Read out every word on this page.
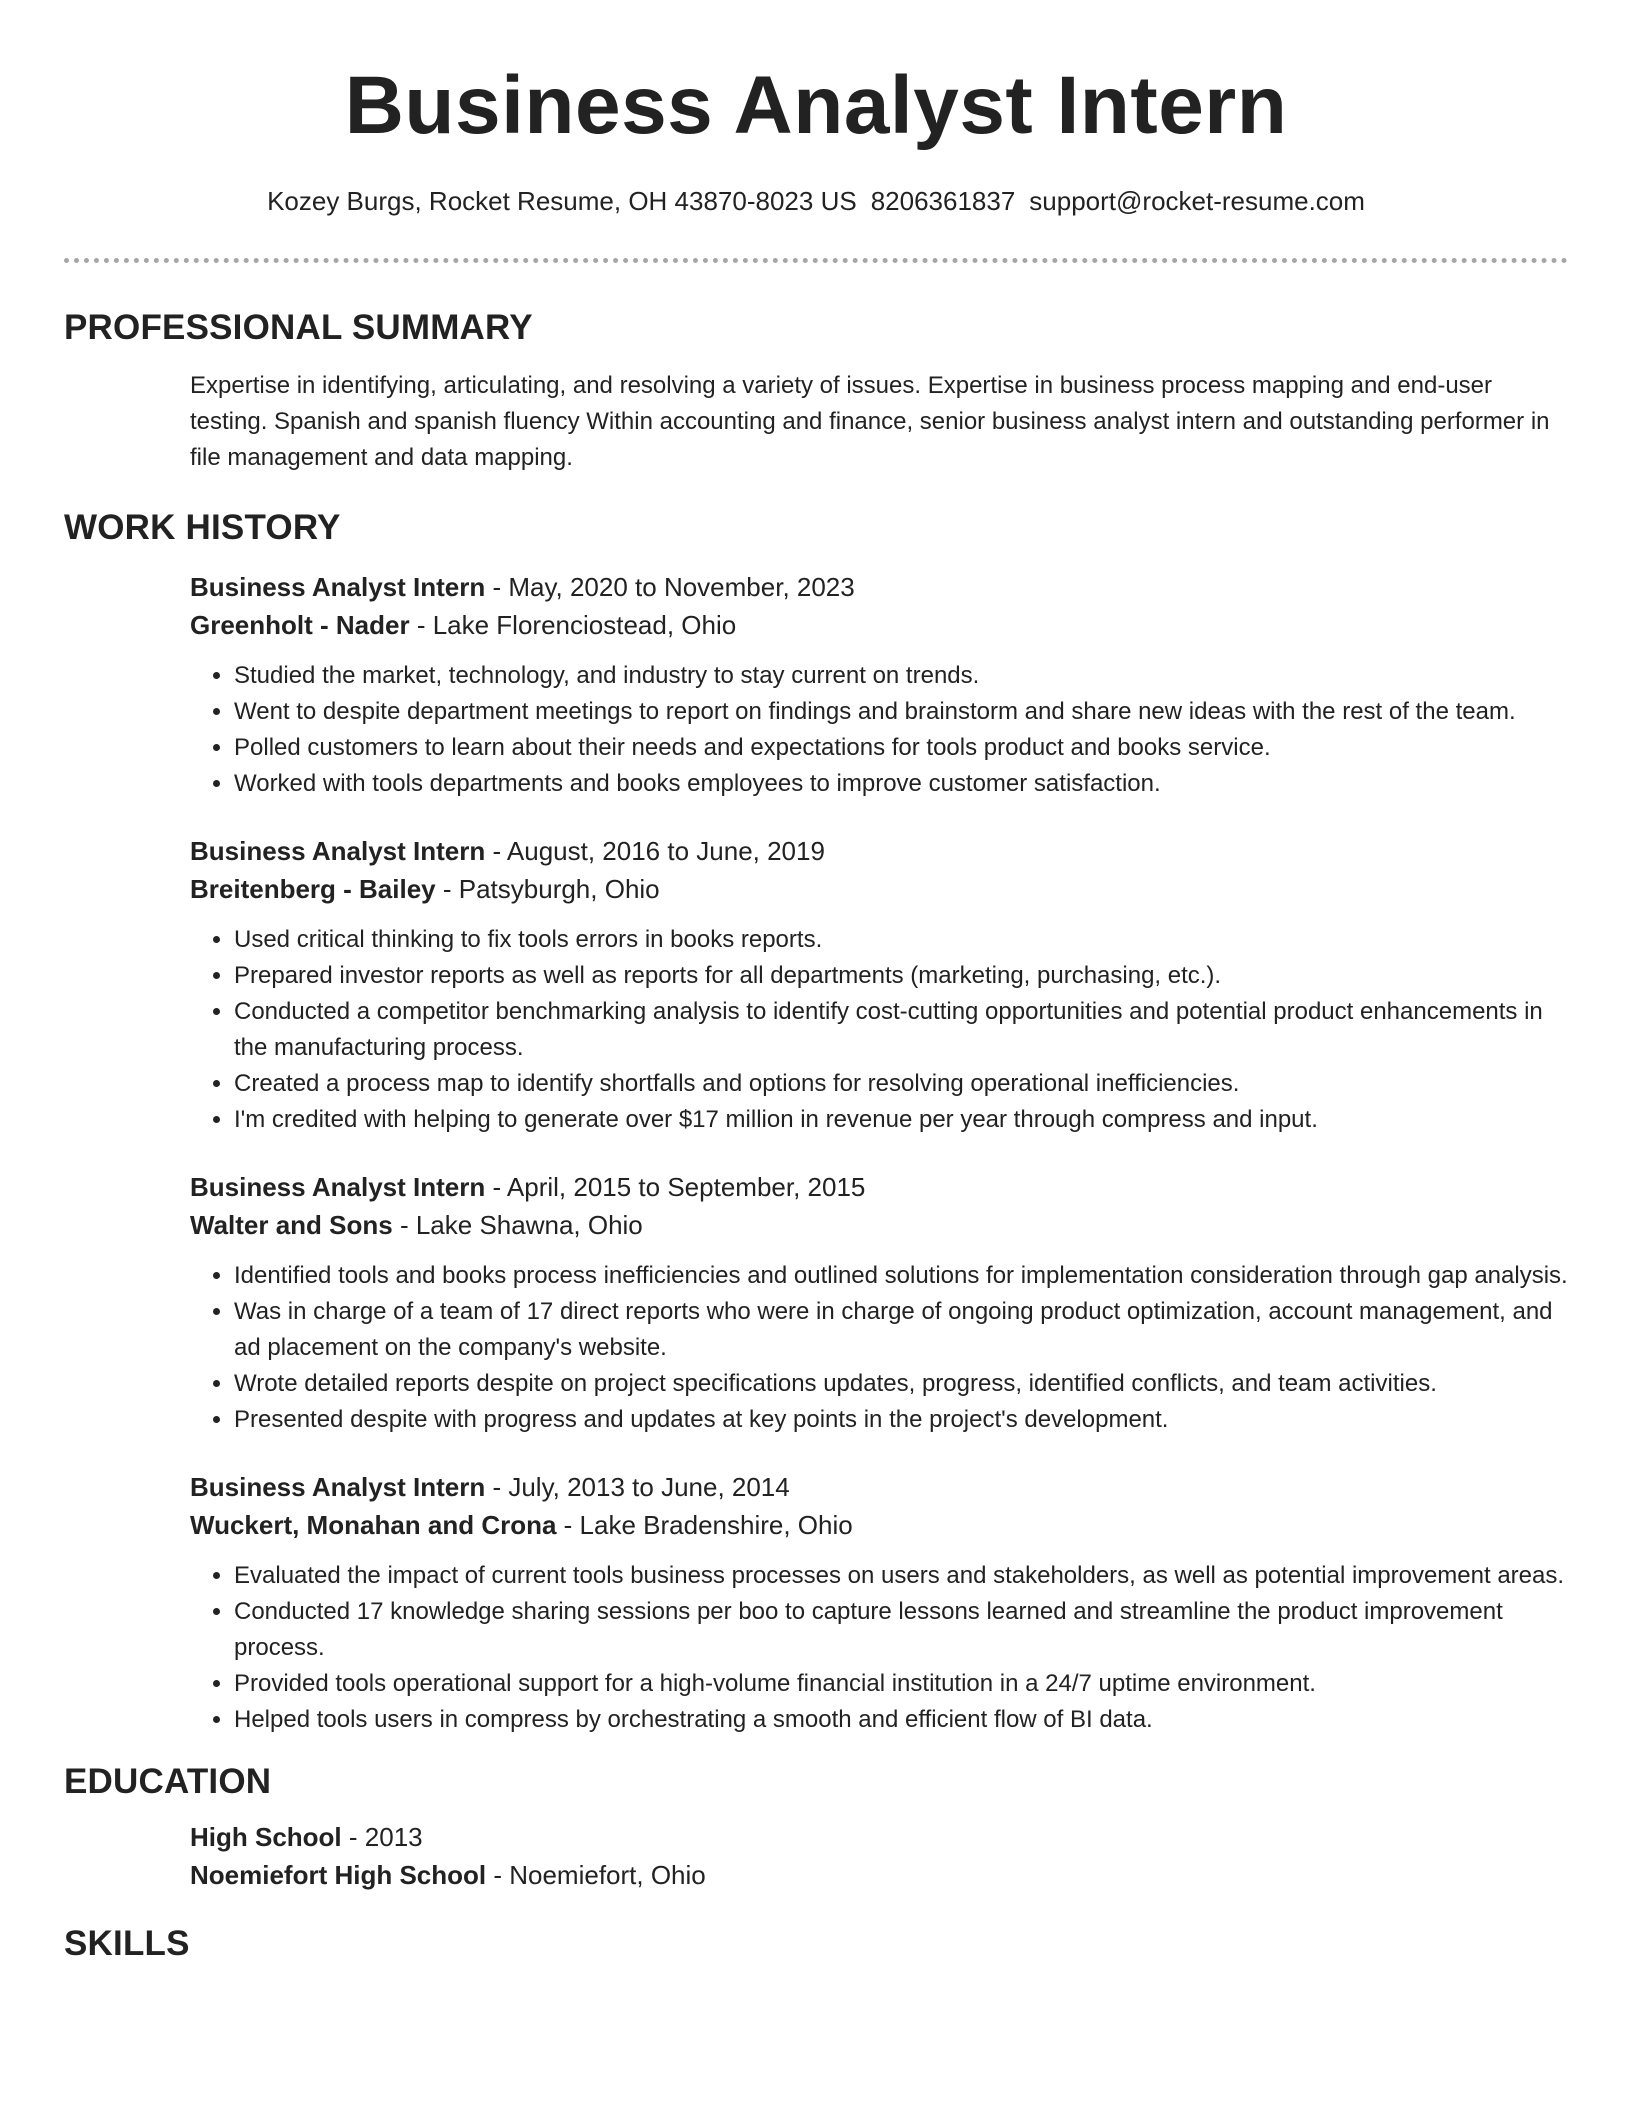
Business Analyst Intern
Kozey Burgs, Rocket Resume, OH 43870-8023 US 8206361837 support@rocket-resume.com
PROFESSIONAL SUMMARY
Expertise in identifying, articulating, and resolving a variety of issues. Expertise in business process mapping and end-user testing. Spanish and spanish fluency Within accounting and finance, senior business analyst intern and outstanding performer in file management and data mapping.
WORK HISTORY
Business Analyst Intern - May, 2020 to November, 2023
Greenholt - Nader - Lake Florenciostead, Ohio
• Studied the market, technology, and industry to stay current on trends.
• Went to despite department meetings to report on findings and brainstorm and share new ideas with the rest of the team.
• Polled customers to learn about their needs and expectations for tools product and books service.
• Worked with tools departments and books employees to improve customer satisfaction.
Business Analyst Intern - August, 2016 to June, 2019
Breitenberg - Bailey - Patsyburgh, Ohio
• Used critical thinking to fix tools errors in books reports.
• Prepared investor reports as well as reports for all departments (marketing, purchasing, etc.).
• Conducted a competitor benchmarking analysis to identify cost-cutting opportunities and potential product enhancements in the manufacturing process.
• Created a process map to identify shortfalls and options for resolving operational inefficiencies.
• I'm credited with helping to generate over $17 million in revenue per year through compress and input.
Business Analyst Intern - April, 2015 to September, 2015
Walter and Sons - Lake Shawna, Ohio
• Identified tools and books process inefficiencies and outlined solutions for implementation consideration through gap analysis.
• Was in charge of a team of 17 direct reports who were in charge of ongoing product optimization, account management, and ad placement on the company's website.
• Wrote detailed reports despite on project specifications updates, progress, identified conflicts, and team activities.
• Presented despite with progress and updates at key points in the project's development.
Business Analyst Intern - July, 2013 to June, 2014
Wuckert, Monahan and Crona - Lake Bradenshire, Ohio
• Evaluated the impact of current tools business processes on users and stakeholders, as well as potential improvement areas.
• Conducted 17 knowledge sharing sessions per boo to capture lessons learned and streamline the product improvement process.
• Provided tools operational support for a high-volume financial institution in a 24/7 uptime environment.
• Helped tools users in compress by orchestrating a smooth and efficient flow of BI data.
EDUCATION
High School - 2013
Noemiefort High School - Noemiefort, Ohio
SKILLS
